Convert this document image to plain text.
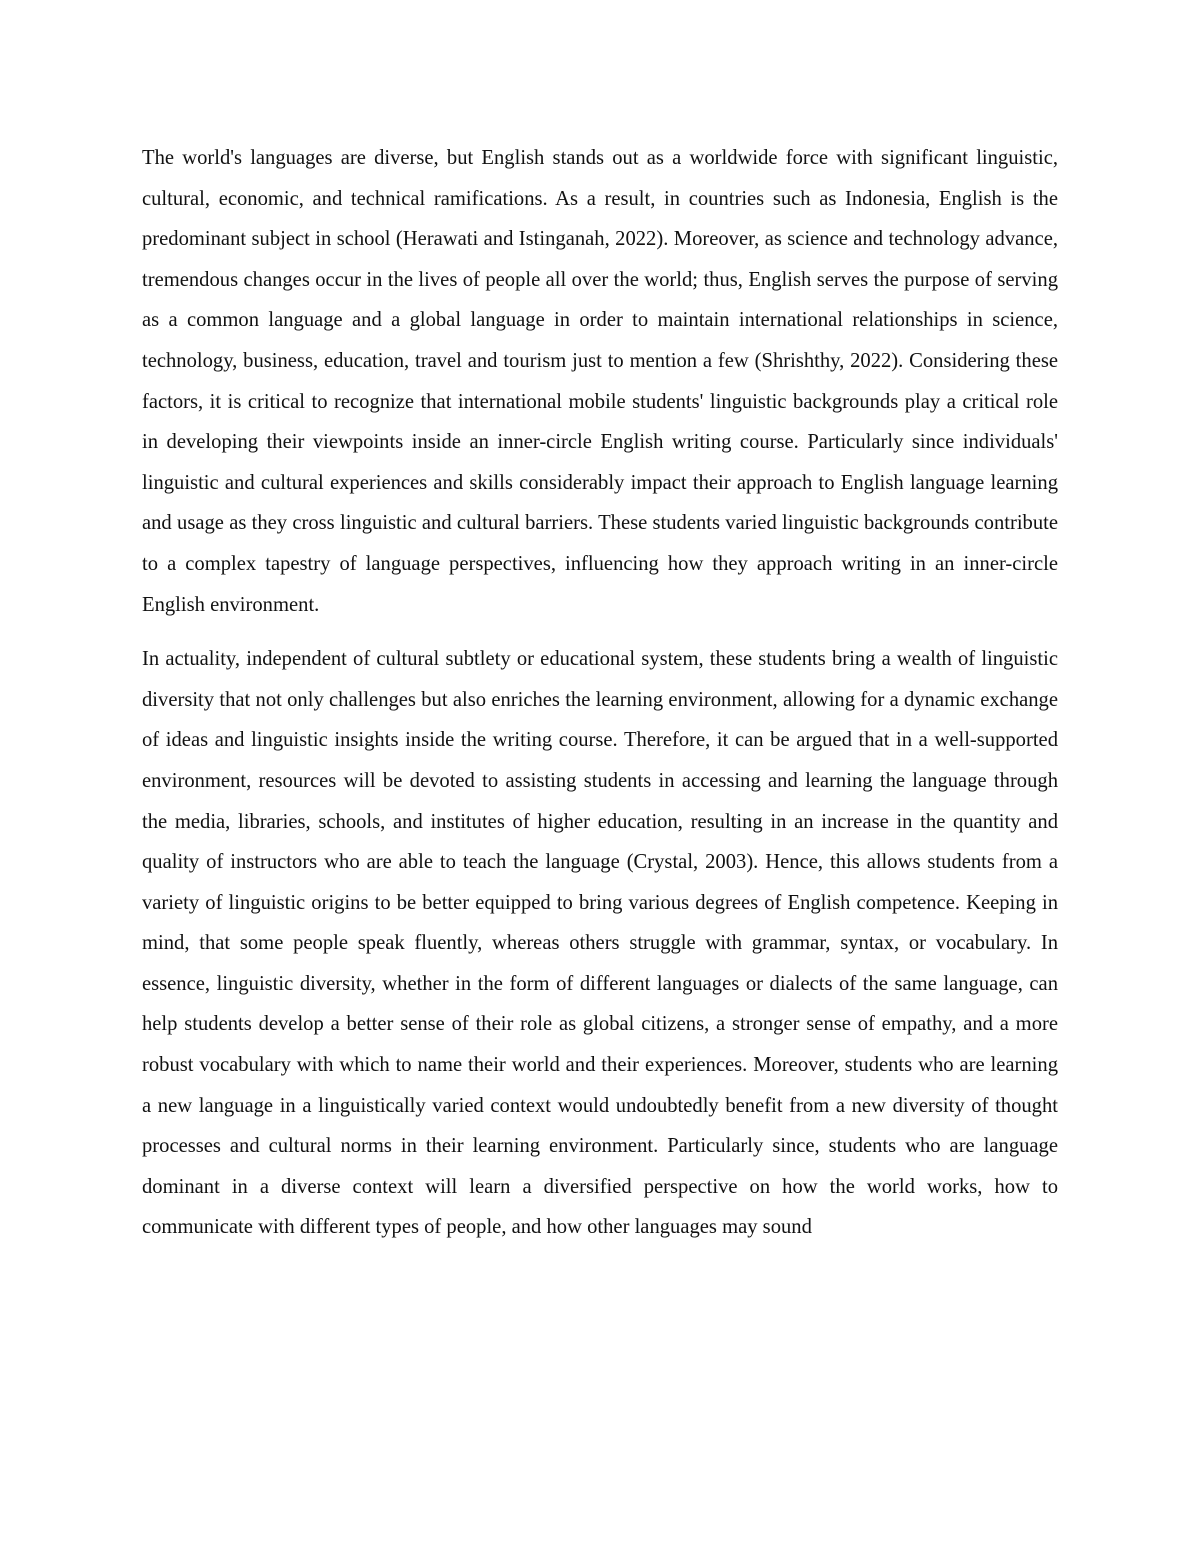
The world's languages are diverse, but English stands out as a worldwide force with significant linguistic, cultural, economic, and technical ramifications. As a result, in countries such as Indonesia, English is the predominant subject in school (Herawati and Istinganah, 2022). Moreover, as science and technology advance, tremendous changes occur in the lives of people all over the world; thus, English serves the purpose of serving as a common language and a global language in order to maintain international relationships in science, technology, business, education, travel and tourism just to mention a few (Shrishthy, 2022). Considering these factors, it is critical to recognize that international mobile students' linguistic backgrounds play a critical role in developing their viewpoints inside an inner-circle English writing course. Particularly since individuals' linguistic and cultural experiences and skills considerably impact their approach to English language learning and usage as they cross linguistic and cultural barriers. These students varied linguistic backgrounds contribute to a complex tapestry of language perspectives, influencing how they approach writing in an inner-circle English environment.

In actuality, independent of cultural subtlety or educational system, these students bring a wealth of linguistic diversity that not only challenges but also enriches the learning environment, allowing for a dynamic exchange of ideas and linguistic insights inside the writing course. Therefore, it can be argued that in a well-supported environment, resources will be devoted to assisting students in accessing and learning the language through the media, libraries, schools, and institutes of higher education, resulting in an increase in the quantity and quality of instructors who are able to teach the language (Crystal, 2003). Hence, this allows students from a variety of linguistic origins to be better equipped to bring various degrees of English competence. Keeping in mind, that some people speak fluently, whereas others struggle with grammar, syntax, or vocabulary. In essence, linguistic diversity, whether in the form of different languages or dialects of the same language, can help students develop a better sense of their role as global citizens, a stronger sense of empathy, and a more robust vocabulary with which to name their world and their experiences. Moreover, students who are learning a new language in a linguistically varied context would undoubtedly benefit from a new diversity of thought processes and cultural norms in their learning environment. Particularly since, students who are language dominant in a diverse context will learn a diversified perspective on how the world works, how to communicate with different types of people, and how other languages may sound
